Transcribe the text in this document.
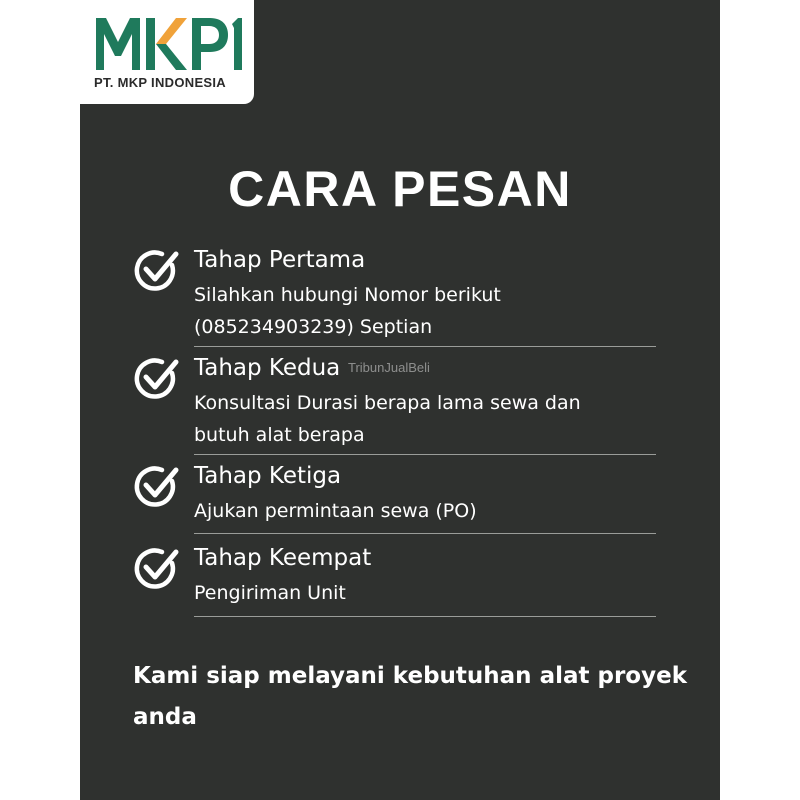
PT. MKP INDONESIA
CARA PESAN
Tahap Pertama
Silahkan hubungi Nomor berikut
(085234903239) Septian
Tahap Kedua
Konsultasi Durasi berapa lama sewa dan
butuh alat berapa
Tahap Ketiga
Ajukan permintaan sewa (PO)
Tahap Keempat
Pengiriman Unit
Kami siap melayani kebutuhan alat proyek anda
TribunJualBeli
